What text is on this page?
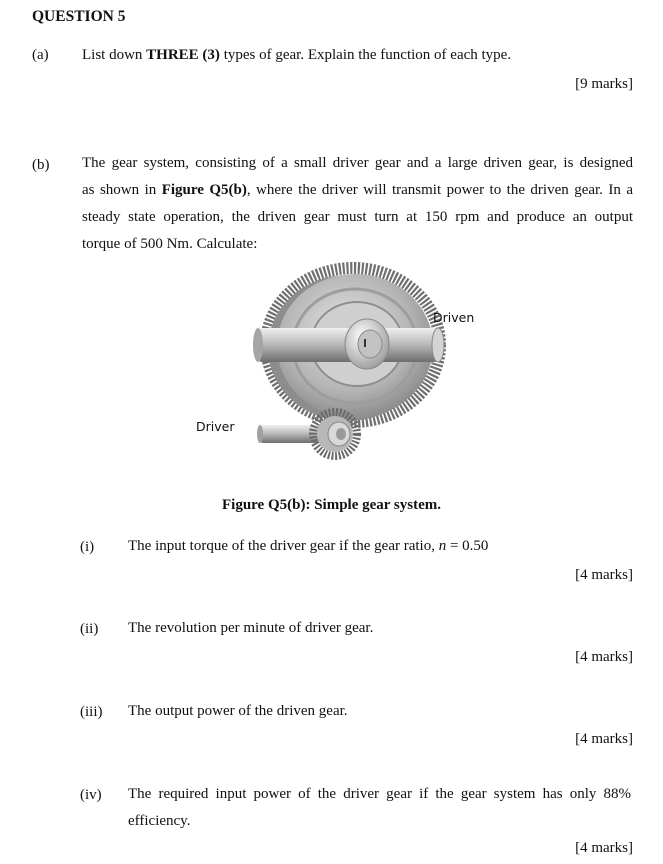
QUESTION 5
(a) List down THREE (3) types of gear. Explain the function of each type.
[9 marks]
(b) The gear system, consisting of a small driver gear and a large driven gear, is designed
as shown in Figure Q5(b), where the driver will transmit power to the driven gear. In a
steady state operation, the driven gear must turn at 150 rpm and produce an output
torque of 500 Nm. Calculate:
Driven
Driver
Figure Q5(b): Simple gear system.
(i) The input torque of the driver gear if the gear ratio, n = 0.50
[4 marks]
(ii) The revolution per minute of driver gear.
[4 marks]
(iii) The output power of the driven gear.
[4 marks]
(iv) The required input power of the driver gear if the gear system has only 88%
efficiency.
[4 marks]
